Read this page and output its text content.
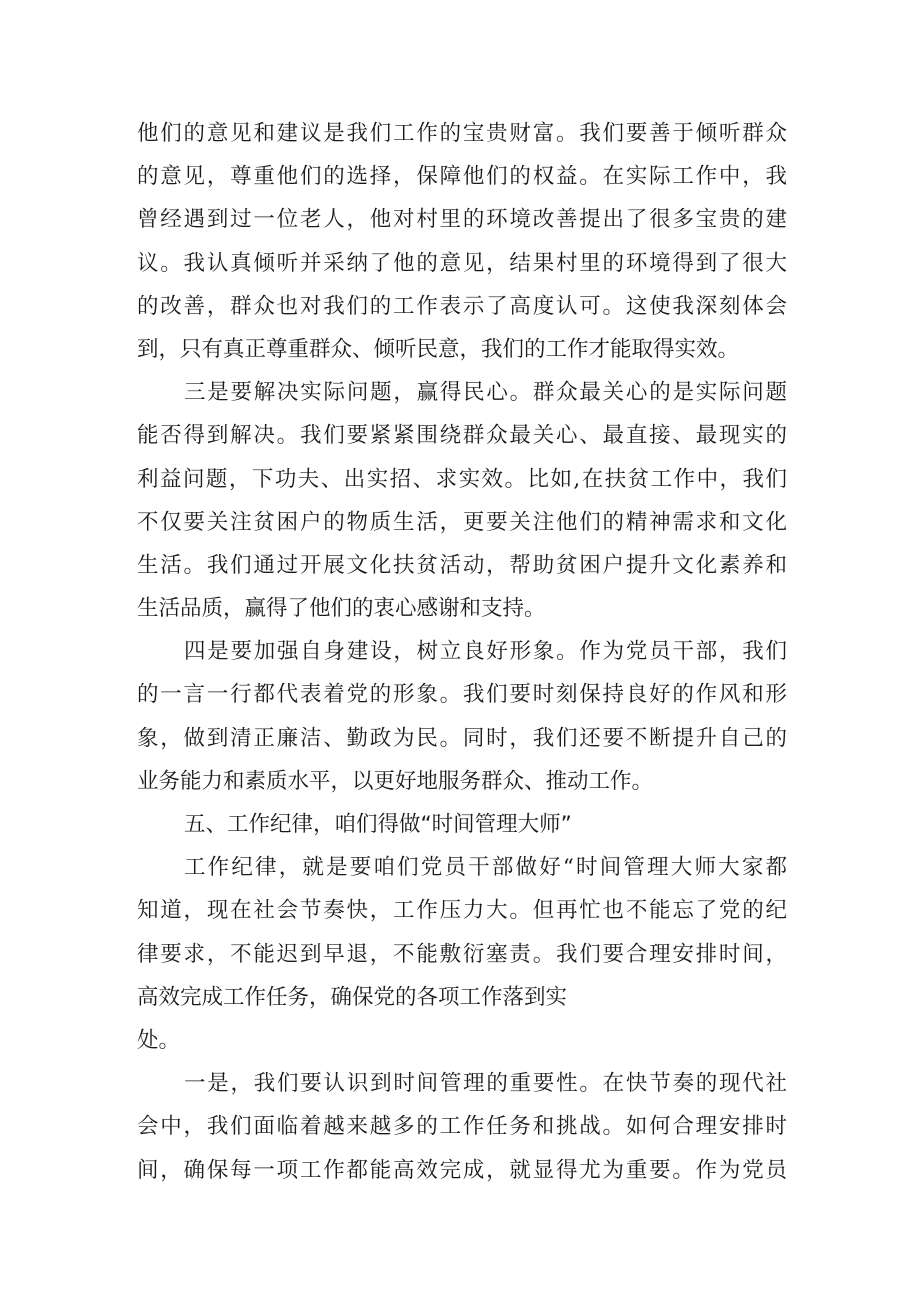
他们的意见和建议是我们工作的宝贵财富。我们要善于倾听群众
的意见，尊重他们的选择，保障他们的权益。在实际工作中，我
曾经遇到过一位老人，他对村里的环境改善提出了很多宝贵的建
议。我认真倾听并采纳了他的意见，结果村里的环境得到了很大
的改善，群众也对我们的工作表示了高度认可。这使我深刻体会
到，只有真正尊重群众、倾听民意，我们的工作才能取得实效。
三是要解决实际问题，赢得民心。群众最关心的是实际问题
能否得到解决。我们要紧紧围绕群众最关心、最直接、最现实的
利益问题，下功夫、出实招、求实效。比如,在扶贫工作中，我们
不仅要关注贫困户的物质生活，更要关注他们的精神需求和文化
生活。我们通过开展文化扶贫活动，帮助贫困户提升文化素养和
生活品质，赢得了他们的衷心感谢和支持。
四是要加强自身建设，树立良好形象。作为党员干部，我们
的一言一行都代表着党的形象。我们要时刻保持良好的作风和形
象，做到清正廉洁、勤政为民。同时，我们还要不断提升自己的
业务能力和素质水平，以更好地服务群众、推动工作。
五、工作纪律，咱们得做“时间管理大师”
工作纪律，就是要咱们党员干部做好“时间管理大师大家都
知道，现在社会节奏快，工作压力大。但再忙也不能忘了党的纪
律要求，不能迟到早退，不能敷衍塞责。我们要合理安排时间，
高效完成工作任务，确保党的各项工作落到实
处。
一是，我们要认识到时间管理的重要性。在快节奏的现代社
会中，我们面临着越来越多的工作任务和挑战。如何合理安排时
间，确保每一项工作都能高效完成，就显得尤为重要。作为党员
